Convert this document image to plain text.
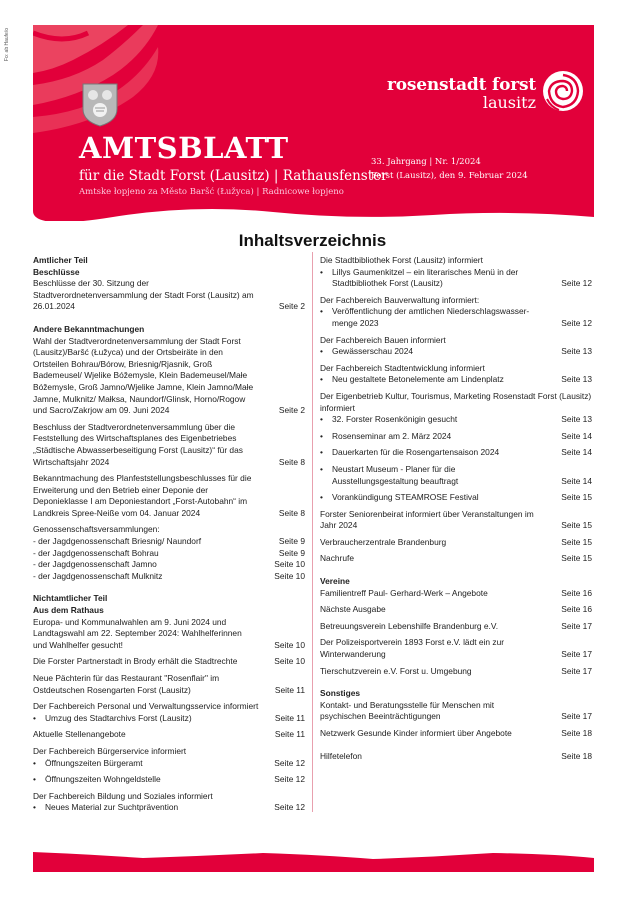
Fo: ab Haufe/o
rosenstadt forst
lausitz
AMTSBLATT
für die Stadt Forst (Lausitz) | Rathausfenster
Amtske łopjeno za Město Baršć (Łužyca) | Radnicowe łopjeno
33. Jahrgang | Nr. 1/2024
Forst (Lausitz), den 9. Februar 2024
Inhaltsverzeichnis
Amtlicher Teil
Beschlüsse
Beschlüsse der 30. Sitzung der Stadtverordnetenversammlung der Stadt Forst (Lausitz) am 26.01.2024	Seite 2
Andere Bekanntmachungen
Wahl der Stadtverordnetenversammlung der Stadt Forst (Lausitz)/Baršć (Łužyca) und der Ortsbeiräte in den Ortsteilen Bohrau/Bórow, Briesnig/Rjasnik, Groß Bademeusel/ Wjelike Bóžemysle, Klein Bademeusel/Małe Bóžemysle, Groß Jamno/Wjelike Jamne, Klein Jamno/Małe Jamne, Mulknitz/ Małksa, Naundorf/Glinsk, Horno/Rogow und Sacro/Zakrjow am 09. Juni 2024	Seite 2
Beschluss der Stadtverordnetenversammlung über die Feststellung des Wirtschaftsplanes des Eigenbetriebes „Städtische Abwasserbeseitigung Forst (Lausitz)“ für das Wirtschaftsjahr 2024	Seite 8
Bekanntmachung des Planfeststellungsbeschlusses für die Erweiterung und den Betrieb einer Deponie der Deponieklasse I am Deponiestandort „Forst-Autobahn“ im Landkreis Spree-Neiße vom 04. Januar 2024	Seite 8
Genossenschaftsversammlungen:
- der Jagdgenossenschaft Briesnig/ Naundorf	Seite 9
- der Jagdgenossenschaft Bohrau	Seite 9
- der Jagdgenossenschaft Jamno	Seite 10
- der Jagdgenossenschaft Mulknitz	Seite 10
Nichtamtlicher Teil
Aus dem Rathaus
Europa- und Kommunalwahlen am 9. Juni 2024 und Landtagswahl am 22. September 2024: Wahlhelferinnen und Wahlhelfer gesucht!	Seite 10
Die Forster Partnerstadt in Brody erhält die Stadtrechte	Seite 10
Neue Pächterin für das Restaurant "Rosenflair" im Ostdeutschen Rosengarten Forst (Lausitz)	Seite 11
Der Fachbereich Personal und Verwaltungsservice informiert
• Umzug des Stadtarchivs Forst (Lausitz)	Seite 11
Aktuelle Stellenangebote	Seite 11
Der Fachbereich Bürgerservice informiert
• Öffnungszeiten Bürgeramt	Seite 12
• Öffnungszeiten Wohngeldstelle	Seite 12
Der Fachbereich Bildung und Soziales informiert
• Neues Material zur Suchtprävention	Seite 12
Die Stadtbibliothek Forst (Lausitz) informiert
• Lillys Gaumenkitzel – ein literarisches Menü in der Stadtbibliothek Forst (Lausitz)	Seite 12
Der Fachbereich Bauverwaltung informiert:
• Veröffentlichung der amtlichen Niederschlagswasser-menge 2023	Seite 12
Der Fachbereich Bauen informiert
• Gewässerschau 2024	Seite 13
Der Fachbereich Stadtentwicklung informiert
• Neu gestaltete Betonelemente am Lindenplatz	Seite 13
Der Eigenbetrieb Kultur, Tourismus, Marketing Rosenstadt Forst (Lausitz) informiert
• 32. Forster Rosenkönigin gesucht	Seite 13
• Rosenseminar am 2. März 2024	Seite 14
• Dauerkarten für die Rosengartensaison 2024	Seite 14
• Neustart Museum - Planer für die Ausstellungsgestaltung beauftragt	Seite 14
• Vorankündigung STEAMROSE Festival	Seite 15
Forster Seniorenbeirat informiert über Veranstaltungen im Jahr 2024	Seite 15
Verbraucherzentrale Brandenburg	Seite 15
Nachrufe	Seite 15
Vereine
Familientreff Paul- Gerhard-Werk – Angebote	Seite 16
Nächste Ausgabe	Seite 16
Betreuungsverein Lebenshilfe Brandenburg e.V.	Seite 17
Der Polizeisportverein 1893 Forst e.V. lädt ein zur Winterwanderung	Seite 17
Tierschutzverein e.V. Forst u. Umgebung	Seite 17
Sonstiges
Kontakt- und Beratungsstelle für Menschen mit psychischen Beeinträchtigungen	Seite 17
Netzwerk Gesunde Kinder informiert über Angebote	Seite 18
Hilfetelefon	Seite 18
